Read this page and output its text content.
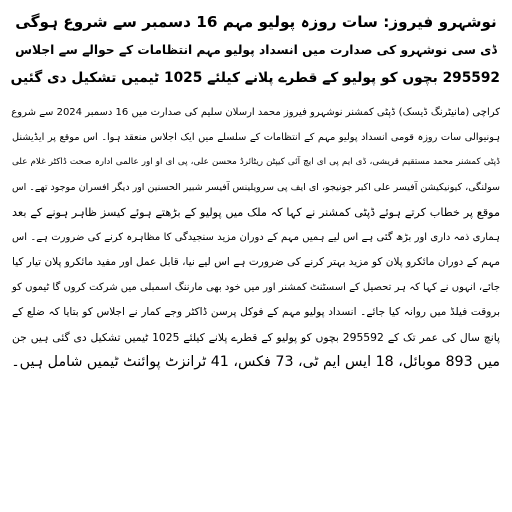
نوشہرو فیروز: سات روزہ پولیو مہم 16 دسمبر سے شروع ہوگی

ڈی سی نوشہرو کی صدارت میں انسداد پولیو مہم انتظامات کے حوالے سے اجلاس

295592 بچوں کو پولیو کے قطرے پلانے کیلئے 1025 ٹیمیں تشکیل دی گئیں

کراچی (مانیٹرنگ ڈیسک) ڈپٹی کمشنر نوشہرو فیروز محمد ارسلان سلیم کی صدارت میں 16 دسمبر 2024 سے شروع

ہونیوالی سات روزہ قومی انسداد پولیو مہم کے انتظامات کے سلسلے میں ایک اجلاس منعقد ہوا۔ اس موقع پر ایڈیشنل

ڈپٹی کمشنر محمد مستقیم قریشی، ڈی ایم پی ای ایچ آئی کیپٹن ریٹائرڈ محسن علی، پی ای او اور عالمی ادارہ صحت ڈاکٹر غلام علی

سولنگی، کیونیکیشن آفیسر علی اکبر جونیجو، ای ایف پی سرویلینس آفیسر شبیر الحسنین اور دیگر افسران موجود تھے۔ اس

موقع پر خطاب کرتے ہوئے ڈپٹی کمشنر نے کہا کہ ملک میں پولیو کے بڑھتے ہوئے کیسز ظاہر ہونے کے بعد

ہماری ذمہ داری اور بڑھ گئی ہے اس لیے ہمیں مہم کے دوران مزید سنجیدگی کا مظاہرہ کرنے کی ضرورت ہے۔ اس

مہم کے دوران مائکرو پلان کو مزید بہتر کرنے کی ضرورت ہے اس لیے نیا، قابل عمل اور مفید مائکرو پلان تیار کیا

جائے، انہوں نے کہا کہ ہر تحصیل کے اسسٹنٹ کمشنر اور میں خود بھی مارننگ اسمبلی میں شرکت کروں گا ٹیموں کو

بروقت فیلڈ میں روانہ کیا جائے۔ انسداد پولیو مہم کے فوکل پرسن ڈاکٹر وجے کمار نے اجلاس کو بتایا کہ ضلع کے

پانچ سال کی عمر تک کے 295592 بچوں کو پولیو کے قطرے پلانے کیلئے 1025 ٹیمیں تشکیل دی گئی ہیں جن

میں 893 موبائل، 18 ایس ایم ٹی، 73 فکس، 41 ٹرانزٹ پوائنٹ ٹیمیں شامل ہیں۔
